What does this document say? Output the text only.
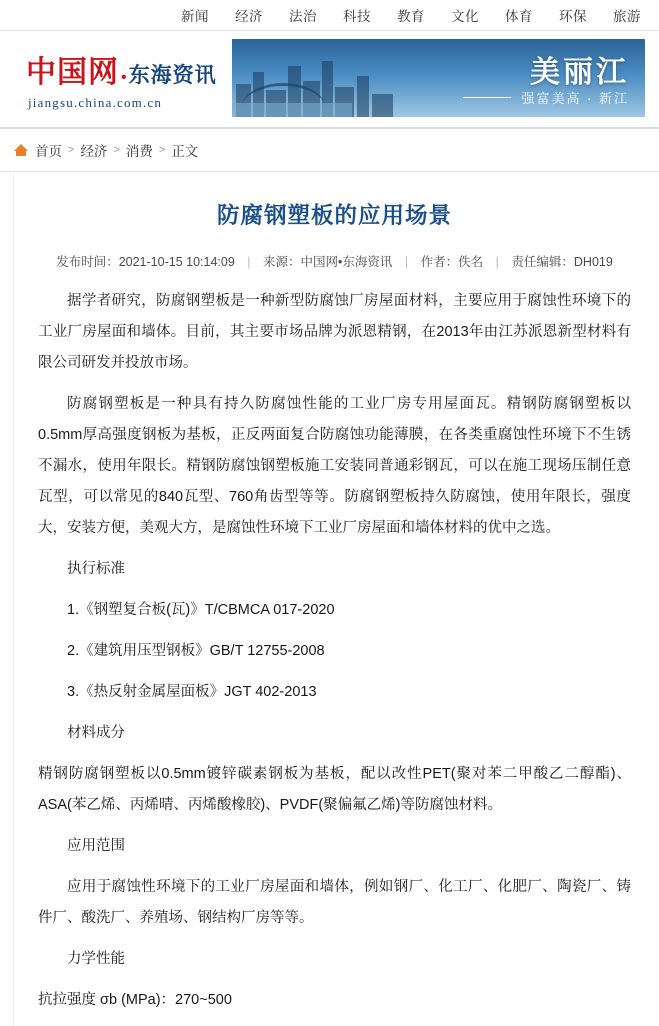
新闻 经济 法治 科技 教育 文化 体育 环保 旅游
中国 网 • 东海资讯
jiangsu.china.com.cn
美丽江
强富美高 · 新江
首页 > 经济 > 消费 > 正文
防腐钢塑板的应用场景
发布时间：2021-10-15 10:14:09 | 来源：中国网•东海资讯 | 作者：佚名 | 责任编辑：DH019

据学者研究，防腐钢塑板是一种新型防腐蚀厂房屋面材料，主要应用于腐蚀性环境下的工业厂房屋面和墙体。目前，其主要市场品牌为派恩精钢，在2013年由江苏派恩新型材料有限公司研发并投放市场。

防腐钢塑板是一种具有持久防腐蚀性能的工业厂房专用屋面瓦。精钢防腐钢塑板以0.5mm厚高强度钢板为基板，正反两面复合防腐蚀功能薄膜，在各类重腐蚀性环境下不生锈不漏水，使用年限长。精钢防腐蚀钢塑板施工安装同普通彩钢瓦，可以在施工现场压制任意瓦型，可以常见的840瓦型、760角齿型等等。防腐钢塑板持久防腐蚀，使用年限长，强度大，安装方便，美观大方，是腐蚀性环境下工业厂房屋面和墙体材料的优中之选。

执行标准

1.《钢塑复合板(瓦)》T/CBMCA 017-2020

2.《建筑用压型钢板》GB/T 12755-2008

3.《热反射金属屋面板》JGT 402-2013

材料成分

精钢防腐钢塑板以0.5mm镀锌碳素钢板为基板，配以改性PET(聚对苯二甲酸乙二醇酯)、ASA(苯乙烯、丙烯晴、丙烯酸橡胶)、PVDF(聚偏氟乙烯)等防腐蚀材料。

应用范围

应用于腐蚀性环境下的工业厂房屋面和墙体，例如钢厂、化工厂、化肥厂、陶瓷厂、铸件厂、酸洗厂、养殖场、钢结构厂房等等。

力学性能

抗拉强度 σb (MPa)：270~500
